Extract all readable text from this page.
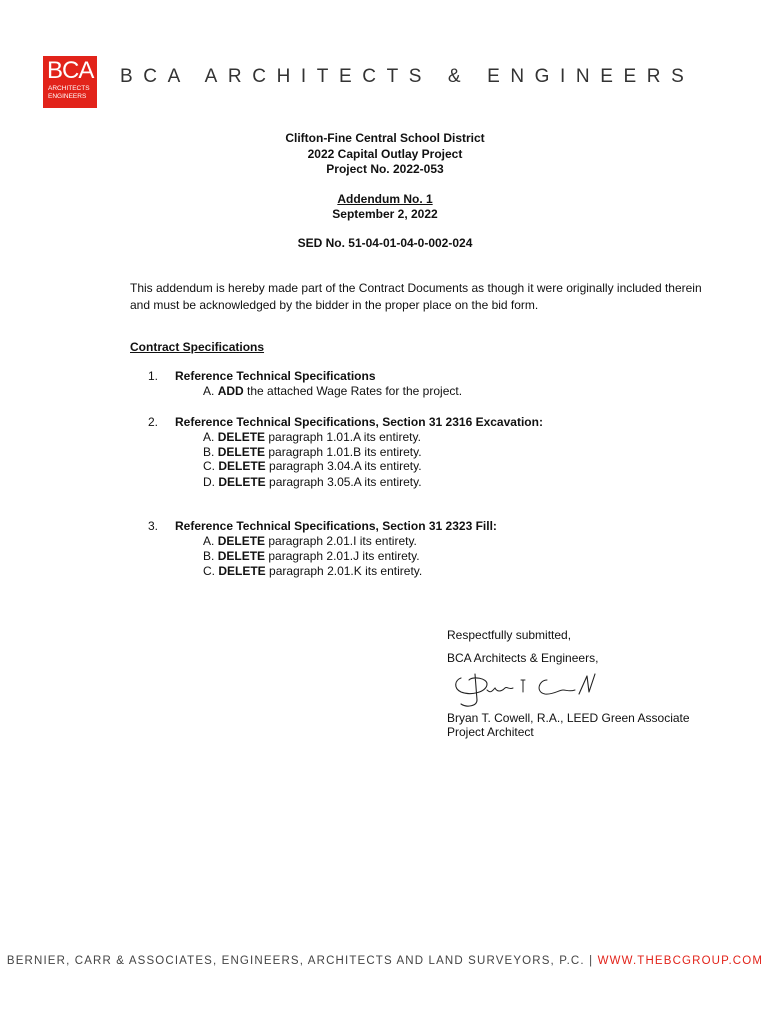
BCA
ARCHITECTS
ENGINEERS
BCA ARCHITECTS & ENGINEERS
Clifton-Fine Central School District
2022 Capital Outlay Project
Project No. 2022-053
Addendum No. 1
September 2, 2022
SED No. 51-04-01-04-0-002-024
This addendum is hereby made part of the Contract Documents as though it were originally included therein and must be acknowledged by the bidder in the proper place on the bid form.
Contract Specifications
1. Reference Technical Specifications
A. ADD the attached Wage Rates for the project.
2. Reference Technical Specifications, Section 31 2316 Excavation:
A. DELETE paragraph 1.01.A its entirety.
B. DELETE paragraph 1.01.B its entirety.
C. DELETE paragraph 3.04.A its entirety.
D. DELETE paragraph 3.05.A its entirety.
3. Reference Technical Specifications, Section 31 2323 Fill:
A. DELETE paragraph 2.01.I its entirety.
B. DELETE paragraph 2.01.J its entirety.
C. DELETE paragraph 2.01.K its entirety.
Respectfully submitted,
BCA Architects & Engineers,
Bryan T. Cowell, R.A., LEED Green Associate
Project Architect
BERNIER, CARR & ASSOCIATES, ENGINEERS, ARCHITECTS AND LAND SURVEYORS, P.C. | WWW.THEBCGROUP.COM
